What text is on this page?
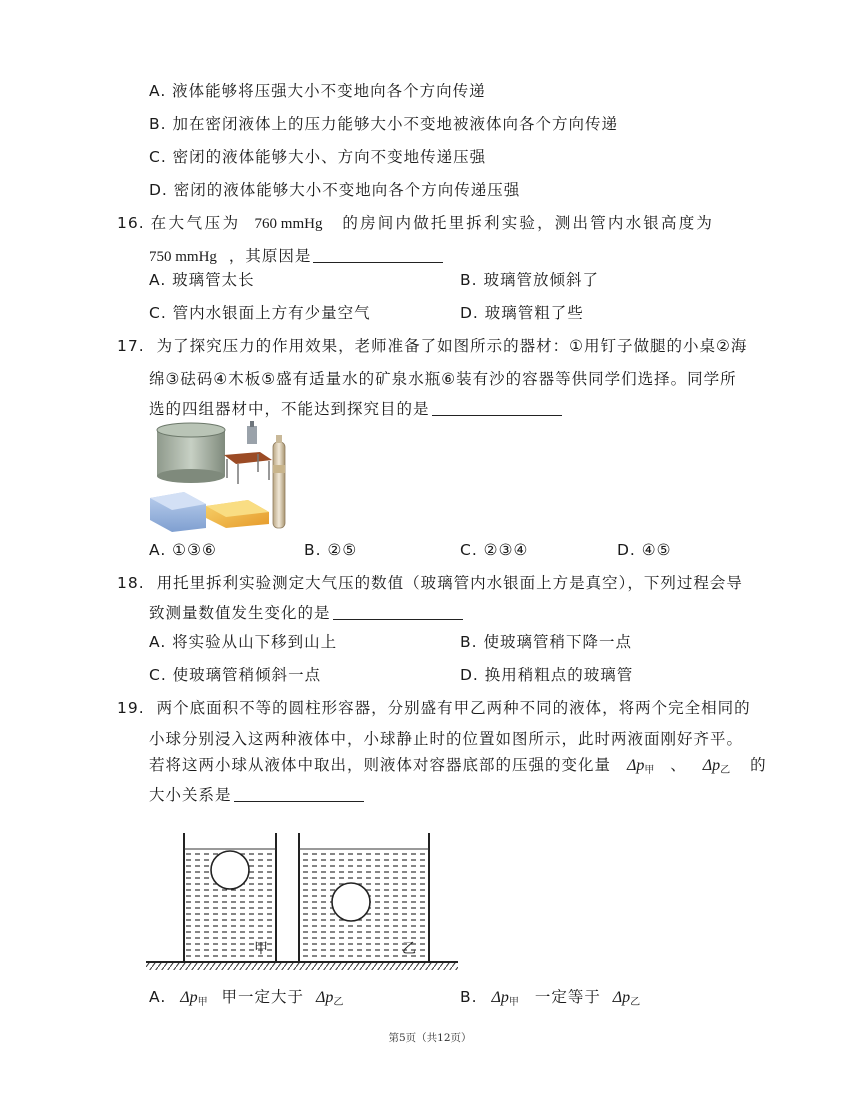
A. 液体能够将压强大小不变地向各个方向传递
B. 加在密闭液体上的压力能够大小不变地被液体向各个方向传递
C. 密闭的液体能够大小、方向不变地传递压强
D. 密闭的液体能够大小不变地向各个方向传递压强
16. 在大气压为 760 mmHg 的房间内做托里拆利实验，测出管内水银高度为
750 mmHg ，其原因是
A. 玻璃管太长	B. 玻璃管放倾斜了
C. 管内水银面上方有少量空气	D. 玻璃管粗了些
17. 为了探究压力的作用效果，老师准备了如图所示的器材：①用钉子做腿的小桌②海
绵③砝码④木板⑤盛有适量水的矿泉水瓶⑥装有沙的容器等供同学们选择。同学所
选的四组器材中，不能达到探究目的是
A. ①③⑥	B. ②⑤	C. ②③④	D. ④⑤
18. 用托里拆利实验测定大气压的数值（玻璃管内水银面上方是真空），下列过程会导
致测量数值发生变化的是
A. 将实验从山下移到山上	B. 使玻璃管稍下降一点
C. 使玻璃管稍倾斜一点	D. 换用稍粗点的玻璃管
19. 两个底面积不等的圆柱形容器，分别盛有甲乙两种不同的液体，将两个完全相同的
小球分别浸入这两种液体中，小球静止时的位置如图所示，此时两液面刚好齐平。
若将这两小球从液体中取出，则液体对容器底部的压强的变化量 $\Delta p_甲$ 、 $\Delta p_乙$ 的
大小关系是
甲	乙
A. $\Delta p_甲$ 甲一定大于 $\Delta p_乙$	B. $\Delta p_甲$ 一定等于 $\Delta p_乙$
第5页（共12页）
